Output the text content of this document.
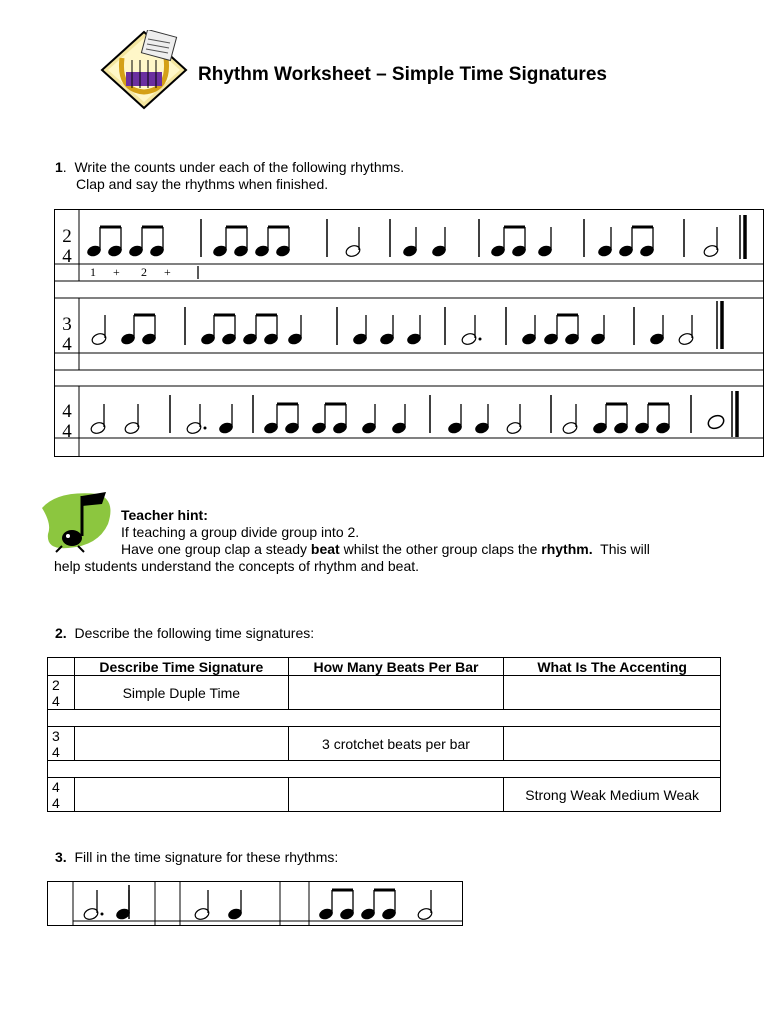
Rhythm Worksheet – Simple Time Signatures
1.  Write the counts under each of the following rhythms.
Clap and say the rhythms when finished.
2
4
3
4
4
4
1 + 2 +
Teacher hint:
If teaching a group divide group into 2.
Have one group clap a steady beat whilst the other group claps the rhythm.  This will
help students understand the concepts of rhythm and beat.
2. Describe the following time signatures:
	Describe Time Signature	How Many Beats Per Bar	What Is The Accenting
2
4	Simple Duple Time		

3
4		3 crotchet beats per bar	

4
4			Strong Weak Medium Weak
3. Fill in the time signature for these rhythms:
